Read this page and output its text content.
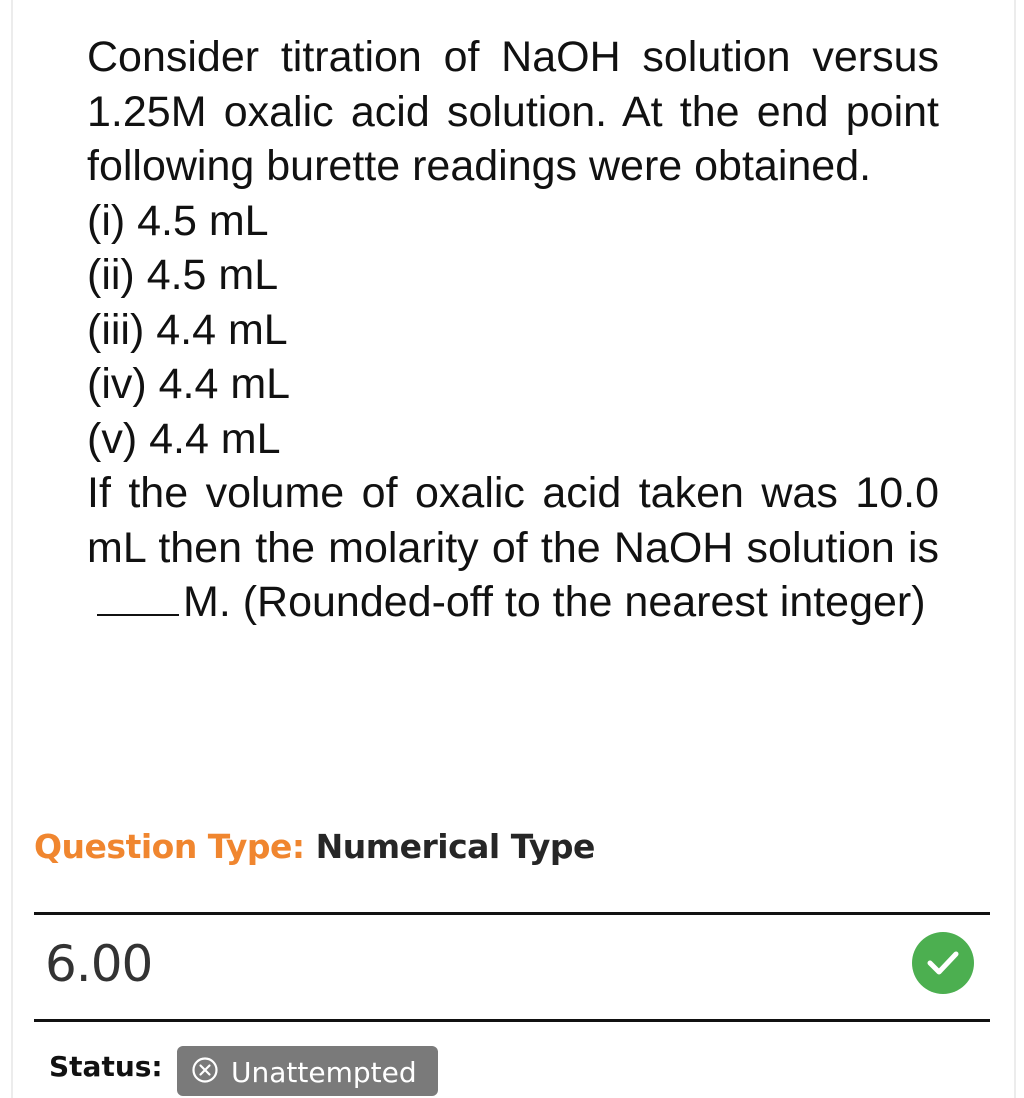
Consider titration of NaOH solution versus 1.25M oxalic acid solution. At the end point following burette readings were obtained.

(i) 4.5 mL
(ii) 4.5 mL
(iii) 4.4 mL
(iv) 4.4 mL
(v) 4.4 mL

If the volume of oxalic acid taken was 10.0 mL then the molarity of the NaOH solution isM. (Rounded-off to the nearest integer)

Question Type: Numerical Type
6.00
Status: Unattempted
